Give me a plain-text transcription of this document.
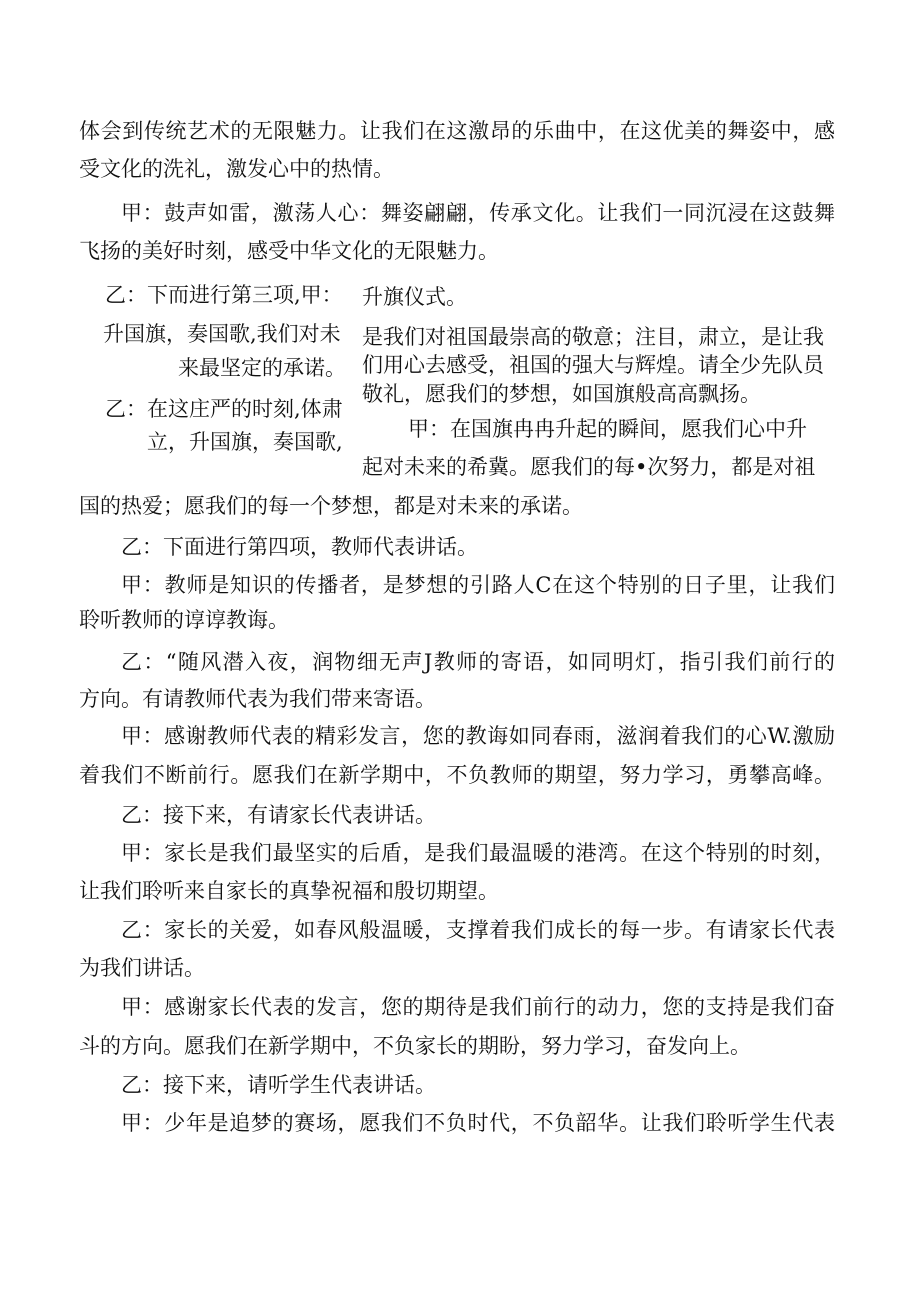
体会到传统艺术的无限魅力。让我们在这激昂的乐曲中，在这优美的舞姿中，感
受文化的洗礼，激发心中的热情。
甲：鼓声如雷，激荡人心：舞姿翩翩，传承文化。让我们一同沉浸在这鼓舞
飞扬的美好时刻，感受中华文化的无限魅力。
乙：下而进行第三项,甲： 升旗仪式。
升国旗，奏国歌,我们对未 是我们对祖国最崇高的敬意；注目，肃立，是让我
来最坚定的承诺。 们用心去感受，祖国的强大与辉煌。请全少先队员
乙：在这庄严的时刻,体肃
敬礼，愿我们的梦想，如国旗般高高飘扬。
立，升国旗，奏国歌,
甲：在国旗冉冉升起的瞬间，愿我们心中升
起对未来的希冀。愿我们的每•次努力，都是对祖
国的热爱；愿我们的每一个梦想，都是对未来的承诺。
乙：下面进行第四项，教师代表讲话。
甲：教师是知识的传播者，是梦想的引路人C在这个特别的日子里，让我们
聆听教师的谆谆教诲。
乙：“随风潜入夜，润物细无声J教师的寄语，如同明灯，指引我们前行的
方向。有请教师代表为我们带来寄语。
甲：感谢教师代表的精彩发言，您的教诲如同春雨，滋润着我们的心W.激励
着我们不断前行。愿我们在新学期中，不负教师的期望，努力学习，勇攀高峰。
乙：接下来，有请家长代表讲话。
甲：家长是我们最坚实的后盾，是我们最温暖的港湾。在这个特别的时刻，
让我们聆听来自家长的真挚祝福和殷切期望。
乙：家长的关爱，如春风般温暖，支撑着我们成长的每一步。有请家长代表
为我们讲话。
甲：感谢家长代表的发言，您的期待是我们前行的动力，您的支持是我们奋
斗的方向。愿我们在新学期中，不负家长的期盼，努力学习，奋发向上。
乙：接下来，请听学生代表讲话。
甲：少年是追梦的赛场，愿我们不负时代，不负韶华。让我们聆听学生代表
